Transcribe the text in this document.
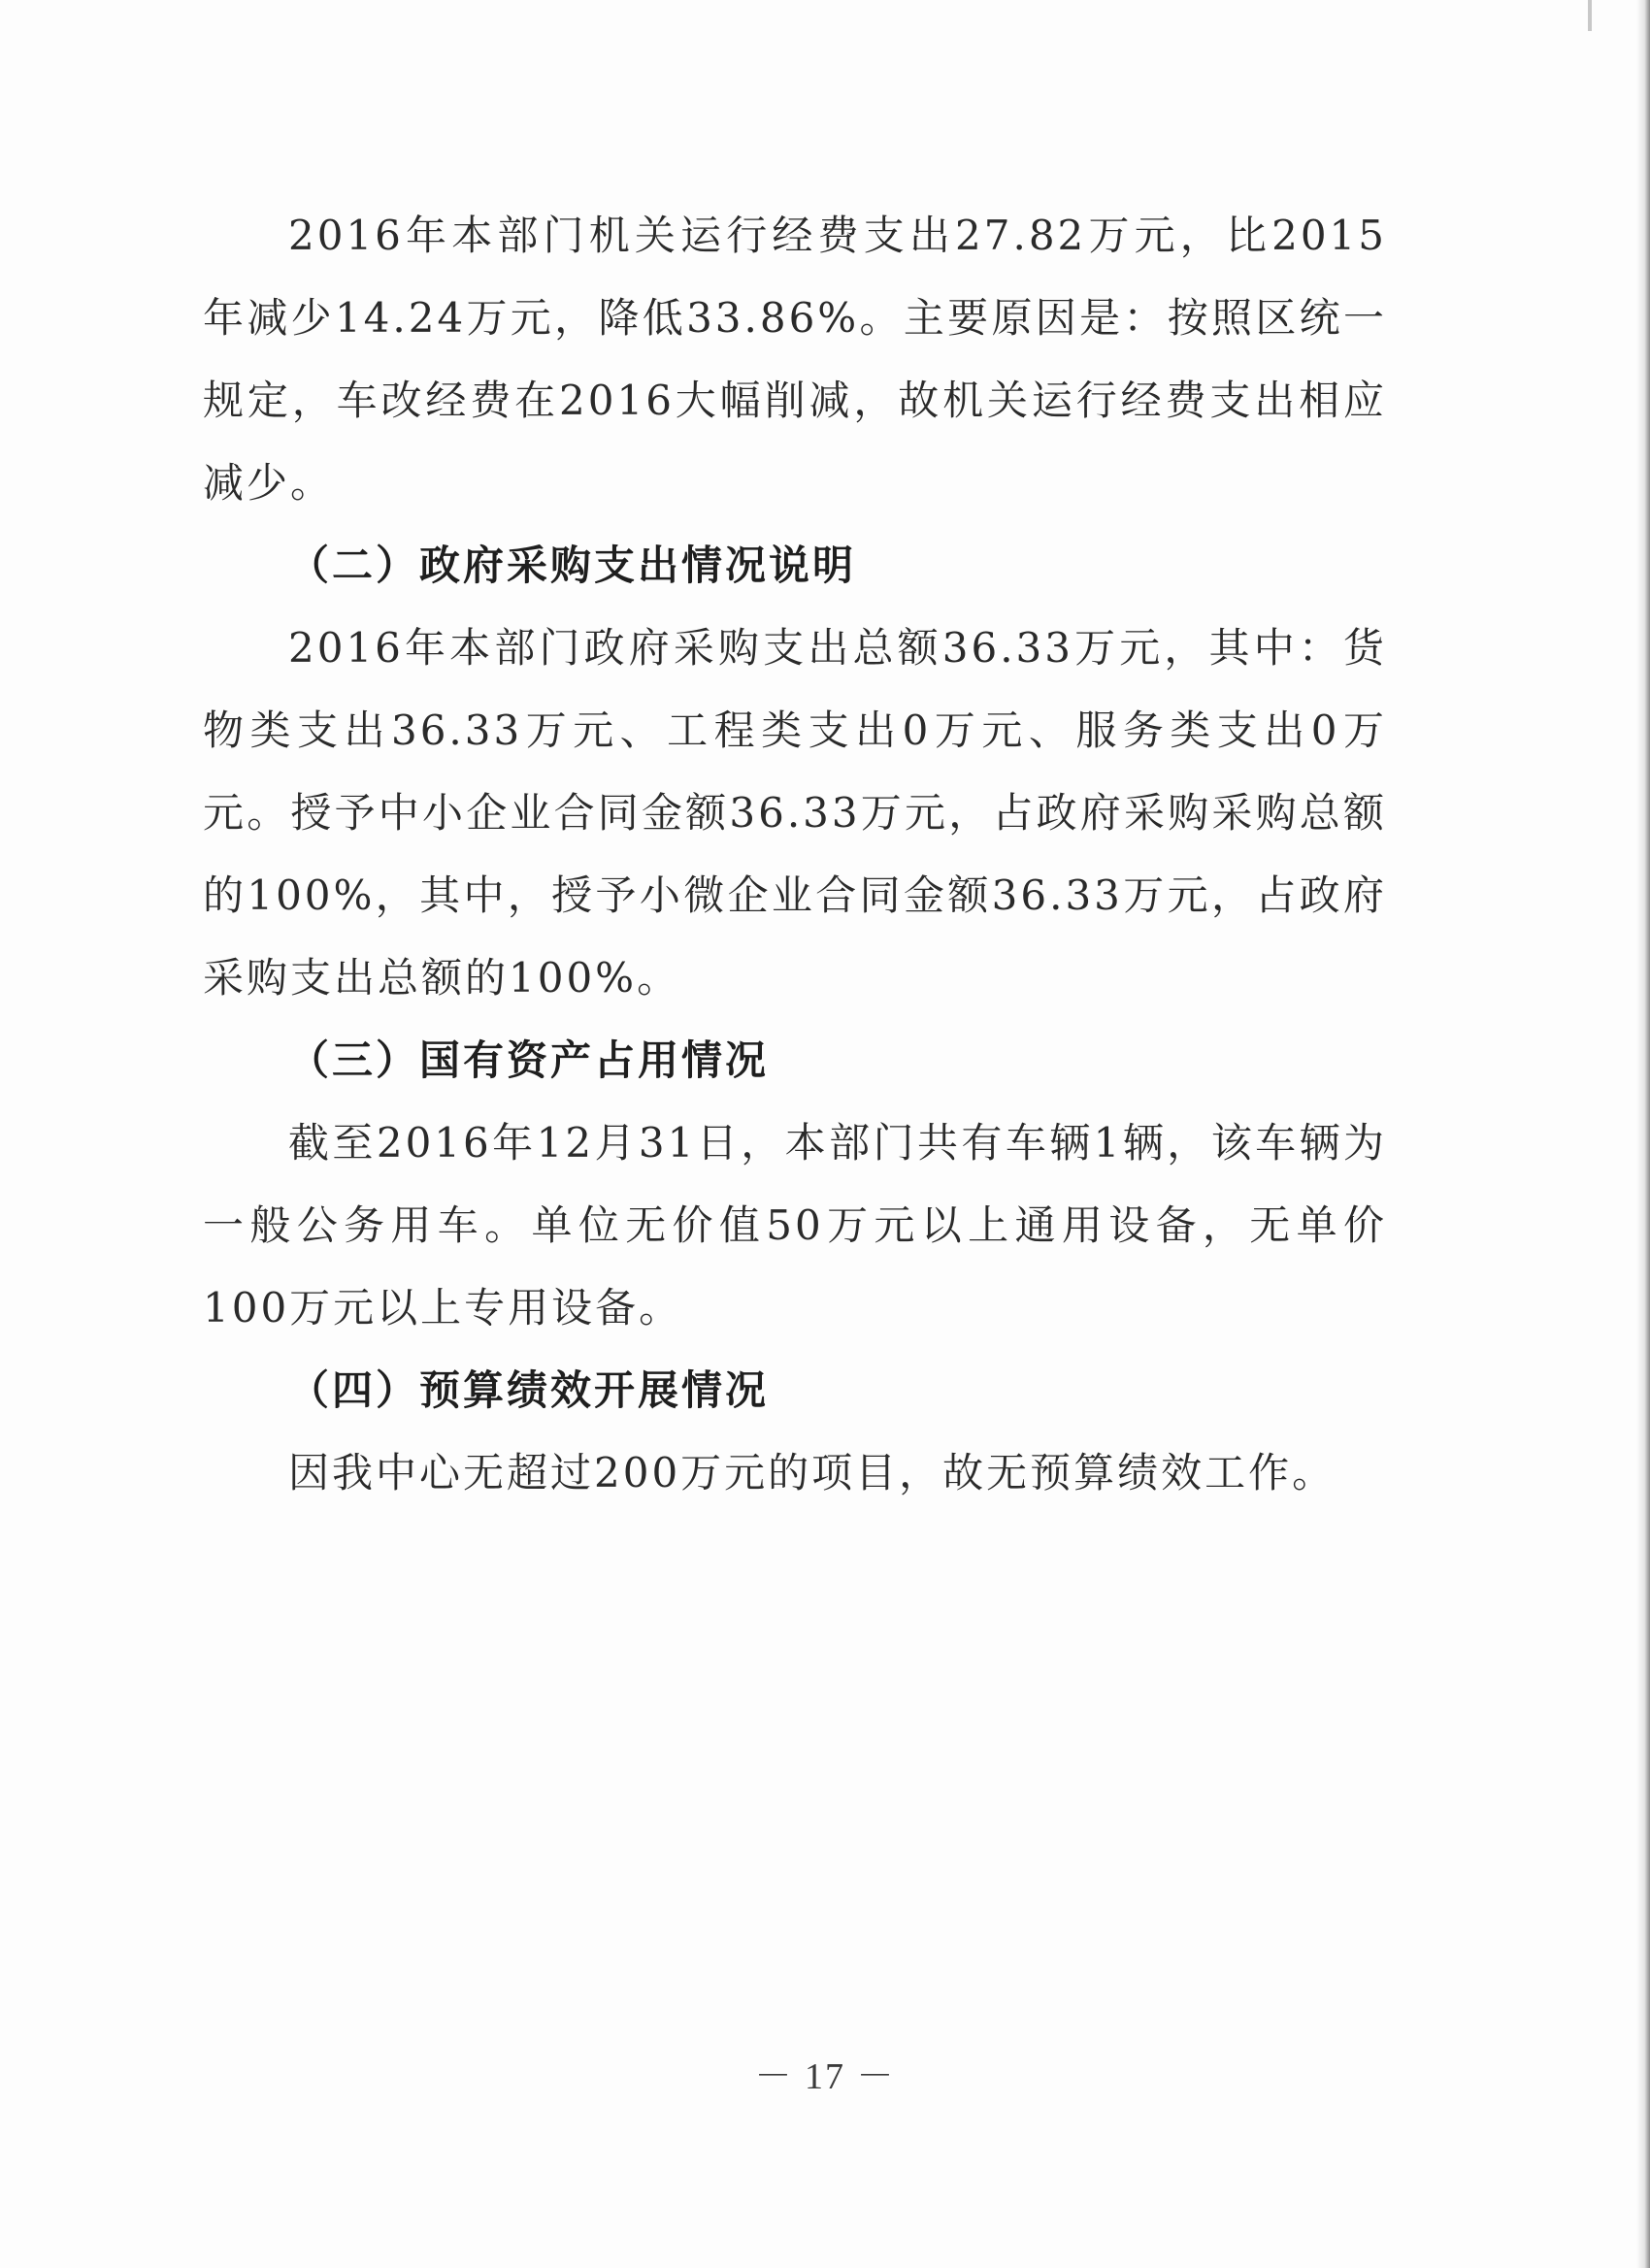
2016年本部门机关运行经费支出27.82万元，比2015年减少14.24万元，降低33.86%。主要原因是：按照区统一规定，车改经费在2016大幅削减，故机关运行经费支出相应减少。

（二）政府采购支出情况说明

2016年本部门政府采购支出总额36.33万元，其中：货物类支出36.33万元、工程类支出0万元、服务类支出0万元。授予中小企业合同金额36.33万元，占政府采购采购总额的100%，其中，授予小微企业合同金额36.33万元，占政府采购支出总额的100%。

（三）国有资产占用情况

截至2016年12月31日，本部门共有车辆1辆，该车辆为一般公务用车。单位无价值50万元以上通用设备，无单价100万元以上专用设备。

（四）预算绩效开展情况

因我中心无超过200万元的项目，故无预算绩效工作。

－ 17 －
